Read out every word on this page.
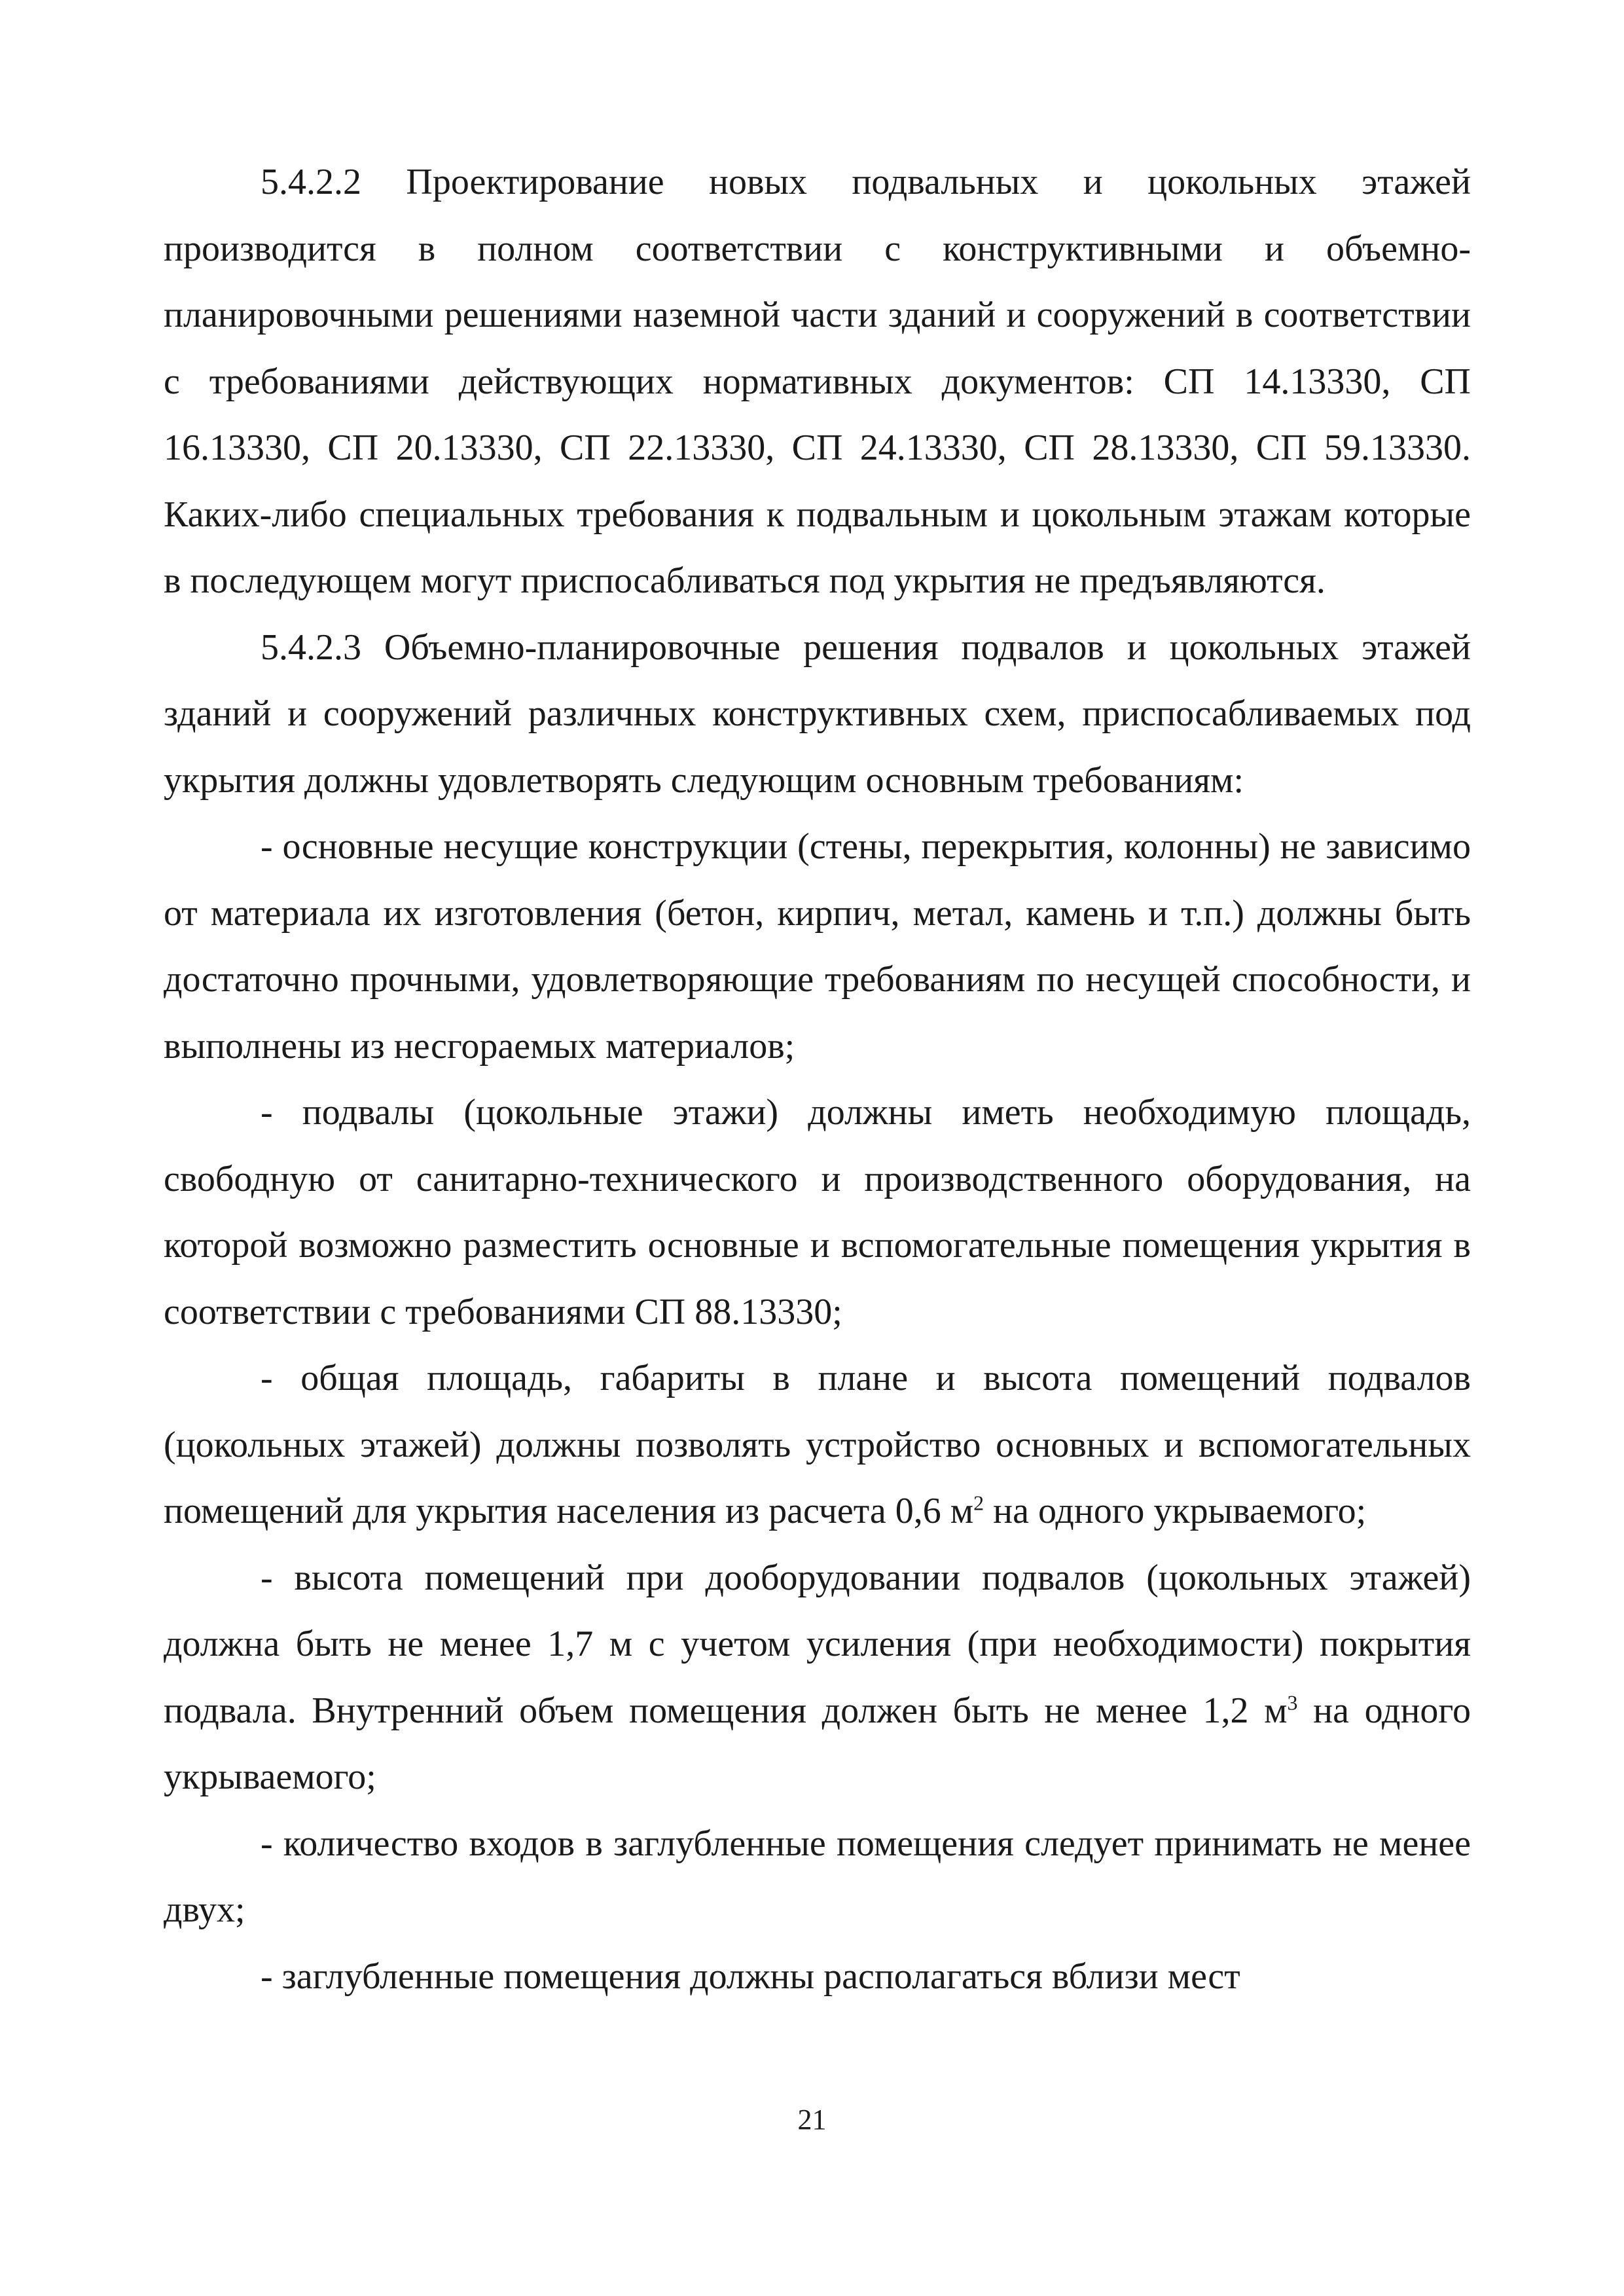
5.4.2.2 Проектирование новых подвальных и цокольных этажей производится в полном соответствии с конструктивными и объемно-планировочными решениями наземной части зданий и сооружений в соответствии с требованиями действующих нормативных документов: СП 14.13330, СП 16.13330, СП 20.13330, СП 22.13330, СП 24.13330, СП 28.13330, СП 59.13330. Каких-либо специальных требования к подвальным и цокольным этажам которые в последующем могут приспосабливаться под укрытия не предъявляются.

5.4.2.3 Объемно-планировочные решения подвалов и цокольных этажей зданий и сооружений различных конструктивных схем, приспосабливаемых под укрытия должны удовлетворять следующим основным требованиям:

- основные несущие конструкции (стены, перекрытия, колонны) не зависимо от материала их изготовления (бетон, кирпич, метал, камень и т.п.) должны быть достаточно прочными, удовлетворяющие требованиям по несущей способности, и выполнены из несгораемых материалов;

- подвалы (цокольные этажи) должны иметь необходимую площадь, свободную от санитарно-технического и производственного оборудования, на которой возможно разместить основные и вспомогательные помещения укрытия в соответствии с требованиями СП 88.13330;

- общая площадь, габариты в плане и высота помещений подвалов (цокольных этажей) должны позволять устройство основных и вспомогательных помещений для укрытия населения из расчета 0,6 $м^2$ на одного укрываемого;

- высота помещений при дооборудовании подвалов (цокольных этажей) должна быть не менее 1,7 м с учетом усиления (при необходимости) покрытия подвала. Внутренний объем помещения должен быть не менее 1,2 $м^3$ на одного укрываемого;

- количество входов в заглубленные помещения следует принимать не менее двух;

- заглубленные помещения должны располагаться вблизи мест

21
